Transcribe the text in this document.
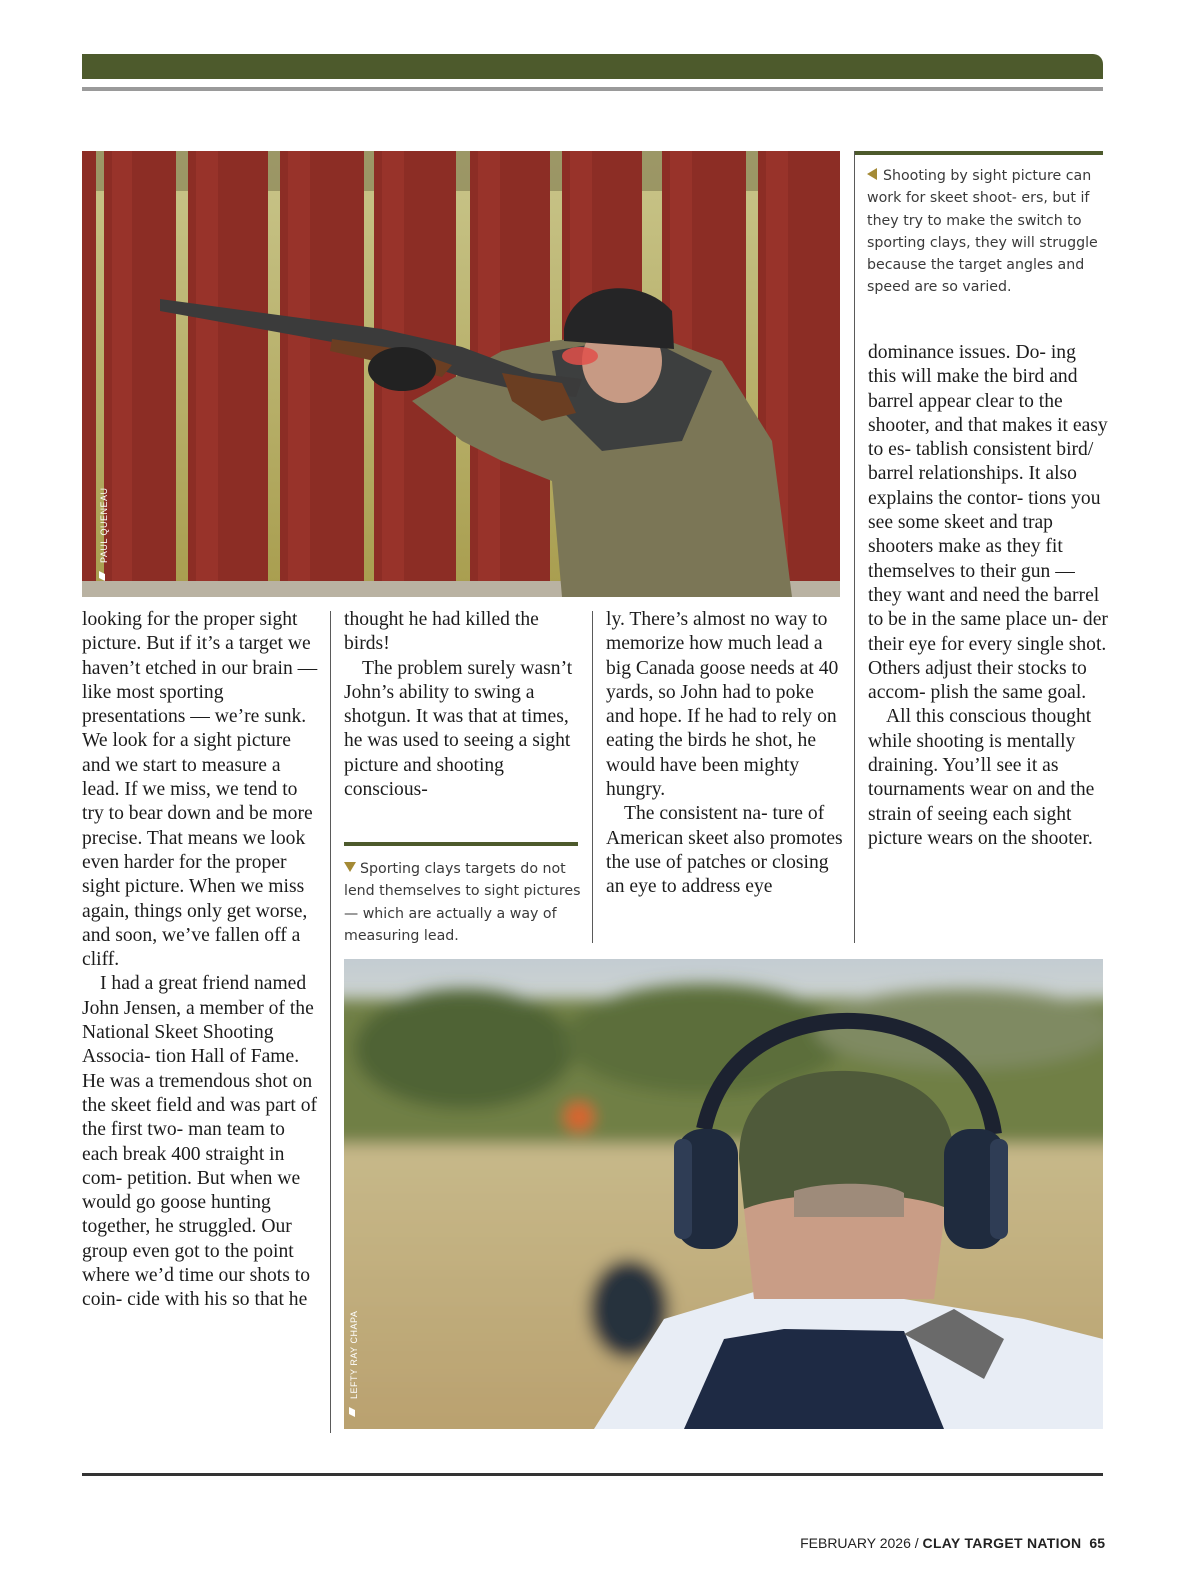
PAUL QUENEAU
Shooting by sight picture can work for skeet shoot- ers, but if they try to make the switch to sporting clays, they will struggle because the target angles and speed are so varied.

looking for the proper sight picture. But if it’s a target we haven’t etched in our brain — like most sporting presentations — we’re sunk. We look for a sight picture and we start to measure a lead. If we miss, we tend to try to bear down and be more precise. That means we look even harder for the proper sight picture. When we miss again, things only get worse, and soon, we’ve fallen off a cliff.

I had a great friend named John Jensen, a member of the National Skeet Shooting Associa- tion Hall of Fame. He was a tremendous shot on the skeet field and was part of the first two- man team to each break 400 straight in com- petition. But when we would go goose hunting together, he struggled. Our group even got to the point where we’d time our shots to coin- cide with his so that he

thought he had killed the birds!

The problem surely wasn’t John’s ability to swing a shotgun. It was that at times, he was used to seeing a sight picture and shooting conscious-

Sporting clays targets do not lend themselves to sight pictures— which are actually a way of measuring lead.

ly. There’s almost no way to memorize how much lead a big Canada goose needs at 40 yards, so John had to poke and hope. If he had to rely on eating the birds he shot, he would have been mighty hungry.

The consistent na- ture of American skeet also promotes the use of patches or closing an eye to address eye

dominance issues. Do- ing this will make the bird and barrel appear clear to the shooter, and that makes it easy to es- tablish consistent bird/ barrel relationships. It also explains the contor- tions you see some skeet and trap shooters make as they fit themselves to their gun — they want and need the barrel to be in the same place un- der their eye for every single shot. Others adjust their stocks to accom- plish the same goal.

All this conscious thought while shooting is mentally draining. You’ll see it as tournaments wear on and the strain of seeing each sight picture wears on the shooter.

LEFTY RAY CHAPA
FEBRUARY 2026 / CLAY TARGET NATION 65
